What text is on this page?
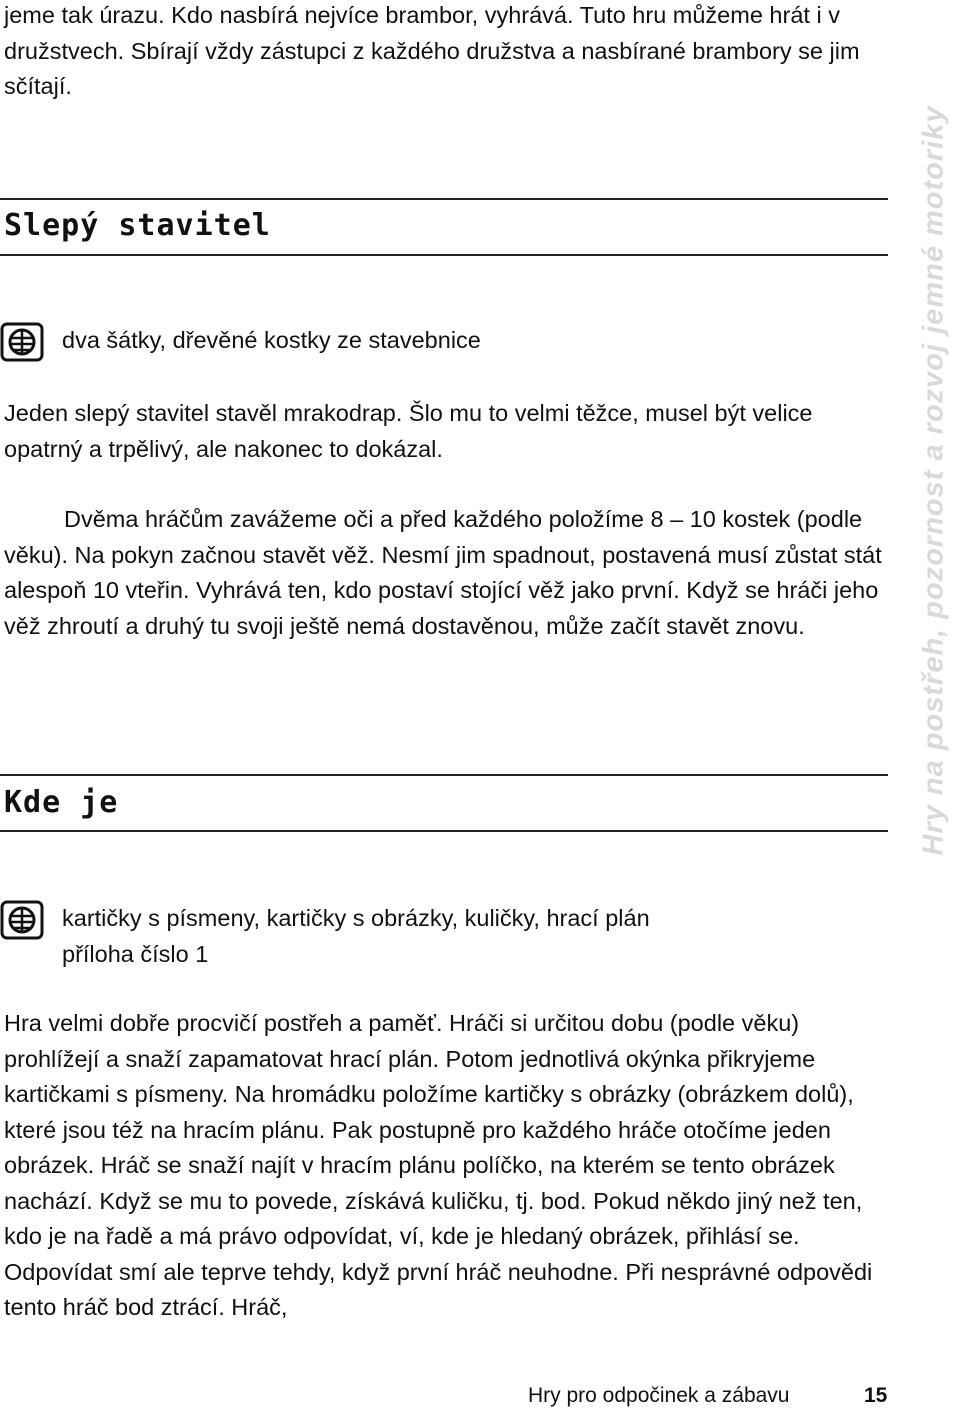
jeme tak úrazu. Kdo nasbírá nejvíce brambor, vyhrává. Tuto hru můžeme hrát i v družstvech. Sbírají vždy zástupci z každého družstva a nasbírané brambory se jim sčítají.

Slepý stavitel
dva šátky, dřevěné kostky ze stavebnice

Jeden slepý stavitel stavěl mrakodrap. Šlo mu to velmi těžce, musel být velice opatrný a trpělivý, ale nakonec to dokázal.

Dvěma hráčům zavážeme oči a před každého položíme 8 – 10 kostek (podle věku). Na pokyn začnou stavět věž. Nesmí jim spadnout, postavená musí zůstat stát alespoň 10 vteřin. Vyhrává ten, kdo postaví stojící věž jako první. Když se hráči jeho věž zhroutí a druhý tu svoji ještě nemá dostavěnou, může začít stavět znovu.

Kde je
kartičky s písmeny, kartičky s obrázky, kuličky, hrací plán
příloha číslo 1

Hra velmi dobře procvičí postřeh a paměť. Hráči si určitou dobu (podle věku) prohlížejí a snaží zapamatovat hrací plán. Potom jednotlivá okýnka přikryjeme kartičkami s písmeny. Na hromádku položíme kartičky s obrázky (obrázkem dolů), které jsou též na hracím plánu. Pak postupně pro každého hráče otočíme jeden obrázek. Hráč se snaží najít v hracím plánu políčko, na kterém se tento obrázek nachází. Když se mu to povede, získává kuličku, tj. bod. Pokud někdo jiný než ten, kdo je na řadě a má právo odpovídat, ví, kde je hledaný obrázek, přihlásí se. Odpovídat smí ale teprve tehdy, když první hráč neuhodne. Při nesprávné odpovědi tento hráč bod ztrácí. Hráč,

Hry na postřeh, pozornost a rozvoj jemné motoriky
Hry pro odpočinek a zábavu	15
